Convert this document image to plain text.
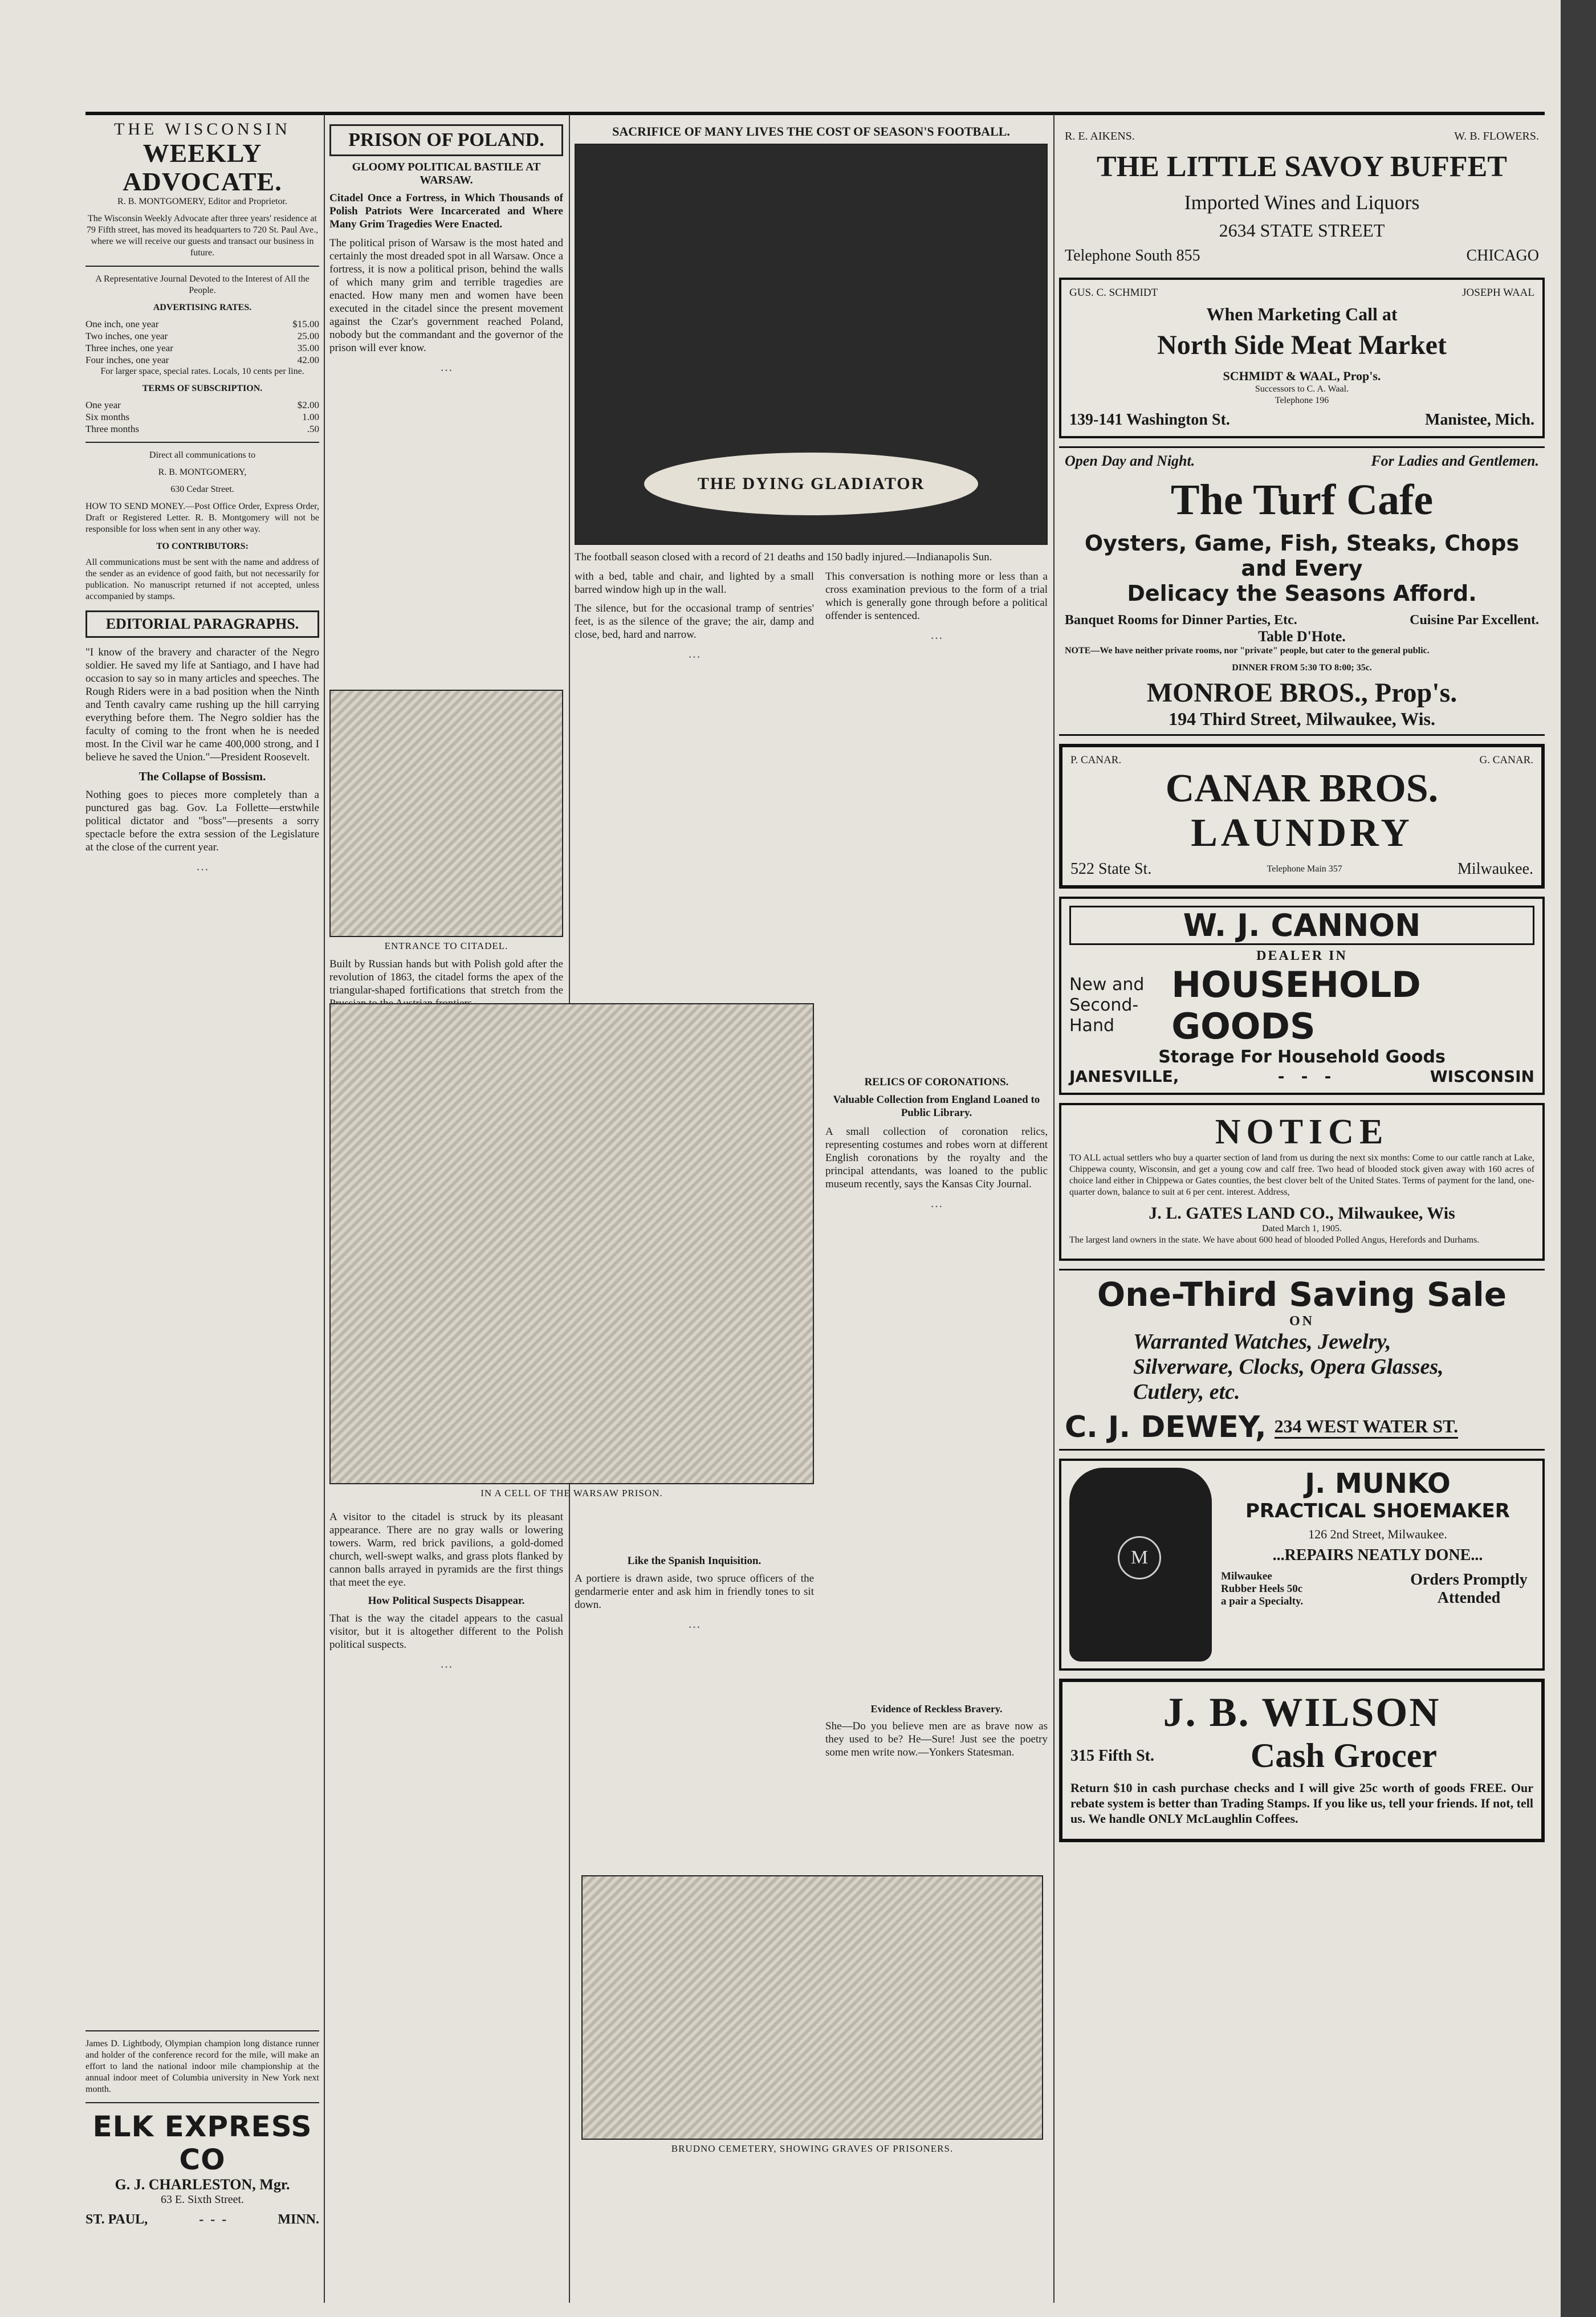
THE WISCONSIN
WEEKLY ADVOCATE.

R. B. MONTGOMERY, Editor and Proprietor.

The Wisconsin Weekly Advocate after three years' residence at 79 Fifth street, has moved its headquarters to 720 St. Paul Ave., where we will receive our guests and transact our business in future.

A Representative Journal Devoted to the Interest of All the People.

ADVERTISING RATES.
One inch, one year	$15.00
Two inches, one year	25.00
Three inches, one year	35.00
Four inches, one year	42.00

For larger space, special rates. Locals, 10 cents per line.

TERMS OF SUBSCRIPTION.
One year	$2.00
Six months	1.00
Three months	.50

Direct all communications to

R. B. MONTGOMERY,

630 Cedar Street.

HOW TO SEND MONEY.—Post Office Order, Express Order, Draft or Registered Letter. R. B. Montgomery will not be responsible for loss when sent in any other way.

TO CONTRIBUTORS:

All communications must be sent with the name and address of the sender as an evidence of good faith, but not necessarily for publication. No manuscript returned if not accepted, unless accompanied by stamps.

EDITORIAL PARAGRAPHS.

"I know of the bravery and character of the Negro soldier. He saved my life at Santiago, and I have had occasion to say so in many articles and speeches. The Rough Riders were in a bad position when the Ninth and Tenth cavalry came rushing up the hill carrying everything before them. The Negro soldier has the faculty of coming to the front when he is needed most. In the Civil war he came 400,000 strong, and I believe he saved the Union."—President Roosevelt.

The Collapse of Bossism.

Nothing goes to pieces more completely than a punctured gas bag. Gov. La Follette—erstwhile political dictator and "boss"—presents a sorry spectacle before the extra session of the Legislature at the close of the current year.

…

James D. Lightbody, Olympian champion long distance runner and holder of the conference record for the mile, will make an effort to land the national indoor mile championship at the annual indoor meet of Columbia university in New York next month.

ELK EXPRESS CO
G. J. CHARLESTON, Mgr.
63 E. Sixth Street.
ST. PAUL,	-  -  -	MINN.
PRISON OF POLAND.
GLOOMY POLITICAL BASTILE AT WARSAW.

Citadel Once a Fortress, in Which Thousands of Polish Patriots Were Incarcerated and Where Many Grim Tragedies Were Enacted.

The political prison of Warsaw is the most hated and certainly the most dreaded spot in all Warsaw. Once a fortress, it is now a political prison, behind the walls of which many grim and terrible tragedies are enacted. How many men and women have been executed in the citadel since the present movement against the Czar's government reached Poland, nobody but the commandant and the governor of the prison will ever know.

…

ENTRANCE TO CITADEL.

Built by Russian hands but with Polish gold after the revolution of 1863, the citadel forms the apex of the triangular-shaped fortifications that stretch from the

IN A CELL OF THE WARSAW PRISON.

A visitor to the citadel is struck by its pleasant appearance. There are no gray walls or lowering towers. Warm, red brick pavilions, a gold-domed church, well-swept walks, and grass plots flanked by cannon balls arrayed in pyramids are the first things that meet the eye.

How Political Suspects Disappear.

That is the way the citadel appears to the casual visitor, but it is altogether different to the Polish political suspects.

…

SACRIFICE OF MANY LIVES THE COST OF SEASON'S FOOTBALL.
THE DYING GLADIATOR

The football season closed with a record of 21 deaths and 150 badly injured.—Indianapolis Sun.

with a bed, table and chair, and lighted by a small barred window high up in the wall.

The silence, but for the occasional tramp of sentries' feet, is as the silence of the grave; the air, damp and close, bed, hard and narrow.

…

Like the Spanish Inquisition.

A portiere is drawn aside, two spruce officers of the gendarmerie enter and ask him in friendly tones to sit down.

…

BRUDNO CEMETERY, SHOWING GRAVES OF PRISONERS.

This conversation is nothing more or less than a cross examination previous to the form of a trial which is generally gone through before a political offender is sentenced.

…

RELICS OF CORONATIONS.

Valuable Collection from England Loaned to Public Library.

A small collection of coronation relics, representing costumes and robes worn at different English coronations by the royalty and the principal attendants, was loaned to the public museum recently, says the Kansas City Journal.

…

Evidence of Reckless Bravery.

She—Do you believe men are as brave now as they used to be? He—Sure! Just see the poetry some men write now.—Yonkers Statesman.

R. E. AIKENS.	W. B. FLOWERS.
THE LITTLE SAVOY BUFFET
Imported Wines and Liquors
2634 STATE STREET
Telephone South 855	CHICAGO
GUS. C. SCHMIDT	JOSEPH WAAL
When Marketing Call at
North Side Meat Market
SCHMIDT & WAAL, Prop's.
Successors to C. A. Waal.
Telephone 196
139-141 Washington St.	Manistee, Mich.
Open Day and Night.	For Ladies and Gentlemen.
The Turf Cafe
Oysters, Game, Fish, Steaks, Chops and Every
Delicacy the Seasons Afford.
Banquet Rooms for Dinner Parties, Etc.	Cuisine Par Excellent.
Table D'Hote.

NOTE—We have neither private rooms, nor "private" people, but cater to the general public.

DINNER FROM 5:30 TO 8:00; 35c.
MONROE BROS., Prop's.
194 Third Street, Milwaukee, Wis.
P. CANAR.	G. CANAR.
CANAR BROS.
LAUNDRY
522 State St.	Telephone Main 357	Milwaukee.
W. J. CANNON
DEALER IN
New and
Second-Hand
HOUSEHOLD GOODS
Storage For Household Goods
JANESVILLE,	-   -   -	WISCONSIN
NOTICE

TO ALL actual settlers who buy a quarter section of land from us during the next six months: Come to our cattle ranch at Lake, Chippewa county, Wisconsin, and get a young cow and calf free. Two head of blooded stock given away with 160 acres of choice land either in Chippewa or Gates counties, the best clover belt of the United States. Terms of payment for the land, one-quarter down, balance to suit at 6 per cent. interest. Address,

J. L. GATES LAND CO., Milwaukee, Wis
Dated March 1, 1905.

The largest land owners in the state. We have about 600 head of blooded Polled Angus, Herefords and Durhams.

One-Third Saving Sale
ON
Warranted Watches, Jewelry,
Silverware, Clocks, Opera Glasses,
Cutlery, etc.
C. J. DEWEY, 234 WEST WATER ST.
M
J. MUNKO
PRACTICAL SHOEMAKER
126 2nd Street, Milwaukee.
...REPAIRS NEATLY DONE...
Milwaukee
Rubber Heels 50c
a pair a Specialty.
Orders Promptly Attended
J. B. WILSON
315 Fifth St.	Cash Grocer

Return $10 in cash purchase checks and I will give 25c worth of goods FREE. Our rebate system is better than Trading Stamps. If you like us, tell your friends. If not, tell us. We handle ONLY McLaughlin Coffees.
